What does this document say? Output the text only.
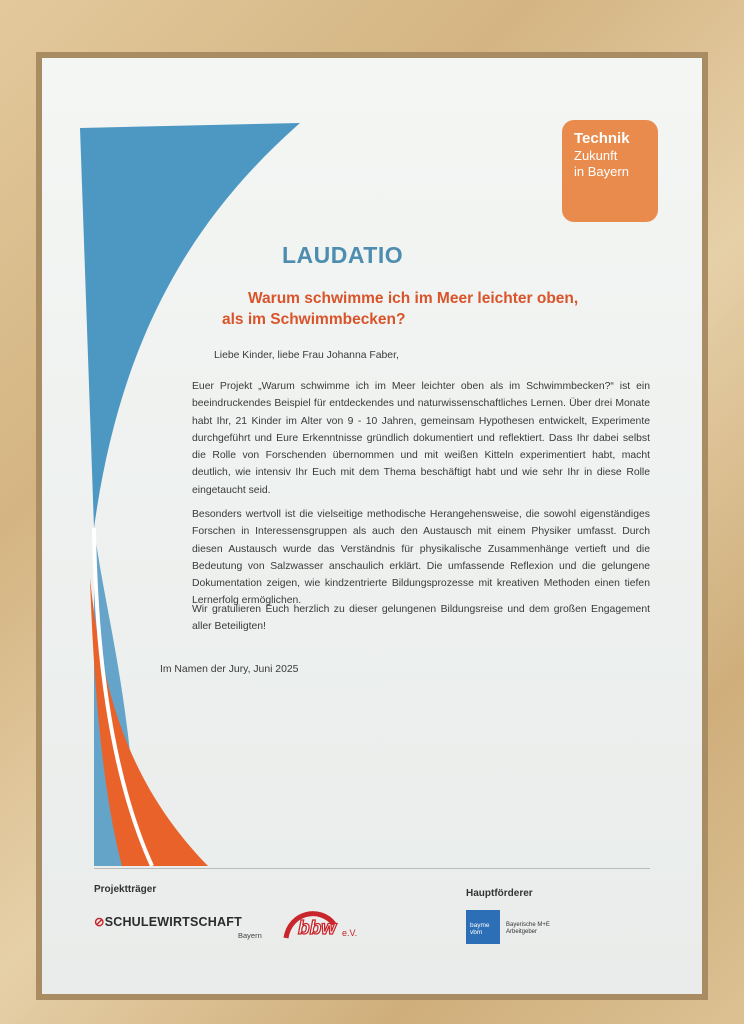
Technik
Zukunft
in Bayern
LAUDATIO
Warum schwimme ich im Meer leichter oben,
als im Schwimmbecken?
Liebe Kinder, liebe Frau Johanna Faber,
Euer Projekt „Warum schwimme ich im Meer leichter oben als im Schwimmbecken?“ ist ein beeindruckendes Beispiel für entdeckendes und naturwissenschaftliches Lernen. Über drei Monate habt Ihr, 21 Kinder im Alter von 9 - 10 Jahren, gemeinsam Hypothesen entwickelt, Experimente durchgeführt und Eure Erkenntnisse gründlich dokumentiert und reflektiert. Dass Ihr dabei selbst die Rolle von Forschenden übernommen und mit weißen Kitteln experimentiert habt, macht deutlich, wie intensiv Ihr Euch mit dem Thema beschäftigt habt und wie sehr Ihr in diese Rolle eingetaucht seid.
Besonders wertvoll ist die vielseitige methodische Herangehensweise, die sowohl eigenständiges Forschen in Interessensgruppen als auch den Austausch mit einem Physiker umfasst. Durch diesen Austausch wurde das Verständnis für physikalische Zusammenhänge vertieft und die Bedeutung von Salzwasser anschaulich erklärt. Die umfassende Reflexion und die gelungene Dokumentation zeigen, wie kindzentrierte Bildungsprozesse mit kreativen Methoden einen tiefen Lernerfolg ermöglichen.
Wir gratulieren Euch herzlich zu dieser gelungenen Bildungsreise und dem großen Engagement aller Beteiligten!
Im Namen der Jury, Juni 2025
Projektträger	Hauptförderer
⊘SCHULEWIRTSCHAFT
Bayern bbw e.V.
bayme vbm
Bayerische M+E Arbeitgeber
